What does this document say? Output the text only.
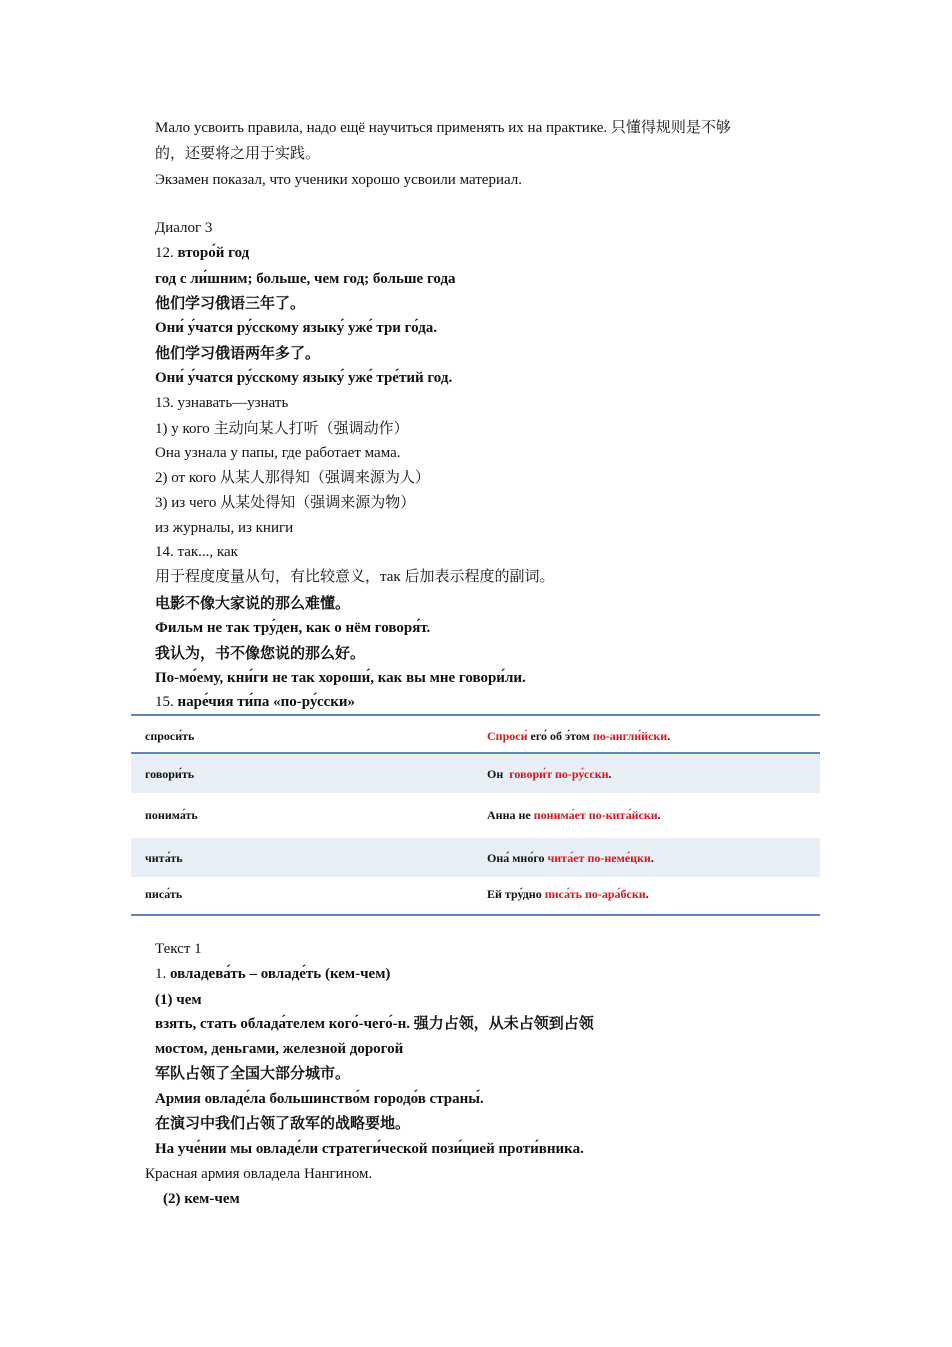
Мало усвоить правила, надо ещё научиться применять их на практике. 只懂得规则是不够
的，还要将之用于实践。
Экзамен показал, что ученики хорошо усвоили материал.
Диалог 3
12. второ́й год
год с ли́шним; больше, чем год; больше года
他们学习俄语三年了。
Они́ у́чатся ру́сскому языку́ уже́ три го́да.
他们学习俄语两年多了。
Они́ у́чатся ру́сскому языку́ уже́ тре́тий год.
13. узнавать—узнать
1) у кого 主动向某人打听（强调动作）
Она узнала у папы, где работает мама.
2) от кого 从某人那得知（强调来源为人）
3) из чего 从某处得知（强调来源为物）
из журналы, из книги
14. так..., как
用于程度度量从句，有比较意义，так 后加表示程度的副词。
电影不像大家说的那么难懂。
Фильм не так тру́ден, как о нём говоря́т.
我认为，书不像您说的那么好。
По-мо́ему, кни́ги не так хороши́, как вы мне говори́ли.
15. наре́чия ти́па «по-ру́сски»
спроси́ть	Спроси́ его́ об э́том по-англи́йски.
говори́ть	Он  говори́т по-ру́сски.
понима́ть	Анна не понима́ет по-кита́йски.
чита́ть	Она́ мно́го чита́ет по-неме́цки.
писа́ть	Ей тру́дно писа́ть по-ара́бски.
Текст 1
1. овладева́ть – овладе́ть (кем-чем)
(1) чем
взять, стать облада́телем кого́-чего́-н. 强力占领，从未占领到占领
мостом, деньгами, железной дорогой
军队占领了全国大部分城市。
Армия овладе́ла большинство́м городо́в страны́.
在演习中我们占领了敌军的战略要地。
На уче́нии мы овладе́ли стратеги́ческой пози́цией проти́вника.
Красная армия овладела Нангином.
(2) кем-чем
